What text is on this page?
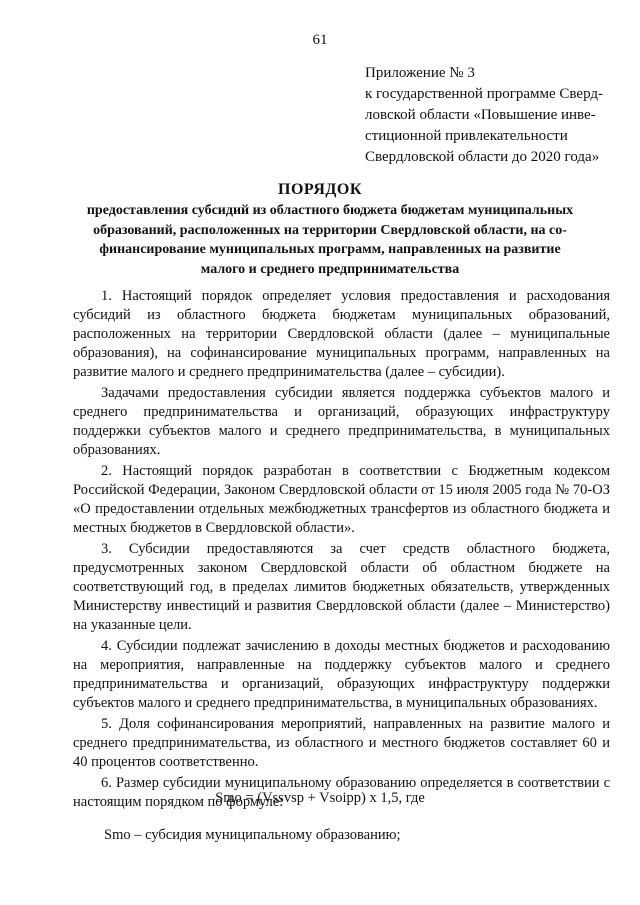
61
Приложение № 3
к государственной программе Сверд-
ловской области «Повышение инве-
стиционной привлекательности
Свердловской области до 2020 года»
ПОРЯДОК
предоставления субсидий из областного бюджета бюджетам муниципальных
образований, расположенных на территории Свердловской области, на со-
финансирование муниципальных программ, направленных на развитие
малого и среднего предпринимательства

1. Настоящий порядок определяет условия предоставления и расходования субсидий из областного бюджета бюджетам муниципальных образований, расположенных на территории Свердловской области (далее – муниципальные образования), на софинансирование муниципальных программ, направленных на развитие малого и среднего предпринимательства (далее – субсидии).

Задачами предоставления субсидии является поддержка субъектов малого и среднего предпринимательства и организаций, образующих инфраструктуру поддержки субъектов малого и среднего предпринимательства, в муниципальных образованиях.

2. Настоящий порядок разработан в соответствии с Бюджетным кодексом Российской Федерации, Законом Свердловской области от 15 июля 2005 года № 70-ОЗ «О предоставлении отдельных межбюджетных трансфертов из областного бюджета и местных бюджетов в Свердловской области».

3. Субсидии предоставляются за счет средств областного бюджета, предусмотренных законом Свердловской области об областном бюджете на соответствующий год, в пределах лимитов бюджетных обязательств, утвержденных Министерству инвестиций и развития Свердловской области (далее – Министерство) на указанные цели.

4. Субсидии подлежат зачислению в доходы местных бюджетов и расходованию на мероприятия, направленные на поддержку субъектов малого и среднего предпринимательства и организаций, образующих инфраструктуру поддержки субъектов малого и среднего предпринимательства, в муниципальных образованиях.

5. Доля софинансирования мероприятий, направленных на развитие малого и среднего предпринимательства, из областного и местного бюджетов составляет 60 и 40 процентов соответственно.

6. Размер субсидии муниципальному образованию определяется в соответствии с настоящим порядком по формуле:

Smo = (Vssvsp + Vsoipp) x 1,5, где
Smo – субсидия муниципальному образованию;
